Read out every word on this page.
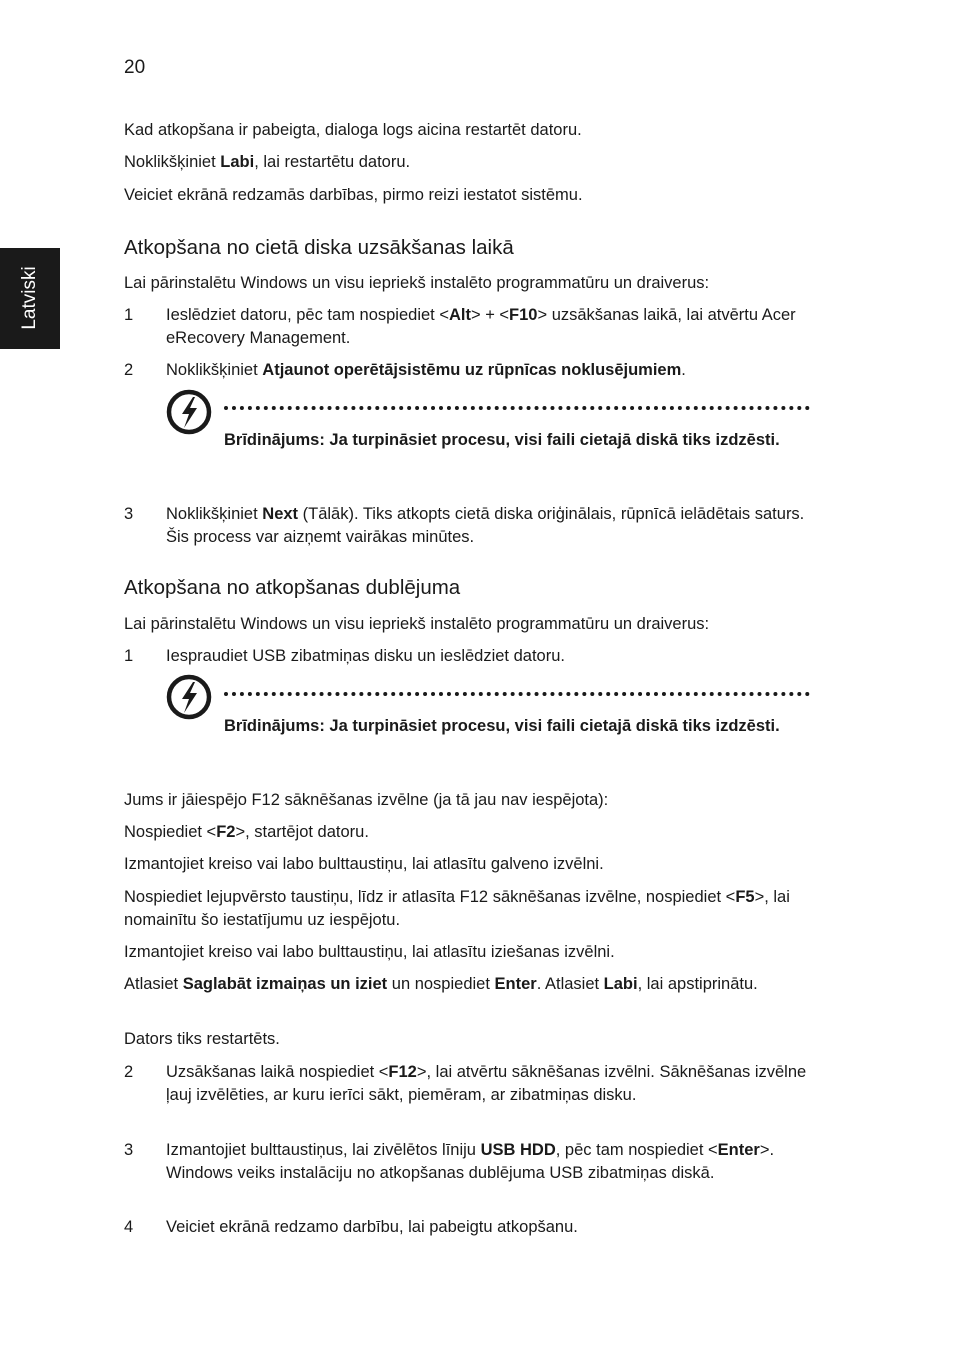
20
Latviski

Kad atkopšana ir pabeigta, dialoga logs aicina restartēt datoru.

Noklikšķiniet Labi, lai restartētu datoru.

Veiciet ekrānā redzamās darbības, pirmo reizi iestatot sistēmu.

Atkopšana no cietā diska uzsākšanas laikā

Lai pārinstalētu Windows un visu iepriekš instalēto programmatūru un draiverus:

1 Ieslēdziet datoru, pēc tam nospiediet <Alt> + <F10> uzsākšanas laikā, lai atvērtu Acer eRecovery Management.
2 Noklikšķiniet Atjaunot operētājsistēmu uz rūpnīcas noklusējumiem.
Brīdinājums: Ja turpināsiet procesu, visi faili cietajā diskā tiks izdzēsti.
3 Noklikšķiniet Next (Tālāk). Tiks atkopts cietā diska oriģinālais, rūpnīcā ielādētais saturs. Šis process var aizņemt vairākas minūtes.
Atkopšana no atkopšanas dublējuma

Lai pārinstalētu Windows un visu iepriekš instalēto programmatūru un draiverus:

1 Iespraudiet USB zibatmiņas disku un ieslēdziet datoru.
Brīdinājums: Ja turpināsiet procesu, visi faili cietajā diskā tiks izdzēsti.

Jums ir jāiespējo F12 sāknēšanas izvēlne (ja tā jau nav iespējota):

Nospiediet <F2>, startējot datoru.

Izmantojiet kreiso vai labo bulttaustiņu, lai atlasītu galveno izvēlni.

Nospiediet lejupvērsto taustiņu, līdz ir atlasīta F12 sāknēšanas izvēlne, nospiediet <F5>, lai nomainītu šo iestatījumu uz iespējotu.

Izmantojiet kreiso vai labo bulttaustiņu, lai atlasītu iziešanas izvēlni.

Atlasiet Saglabāt izmaiņas un iziet un nospiediet Enter. Atlasiet Labi, lai apstiprinātu.

Dators tiks restartēts.

2 Uzsākšanas laikā nospiediet <F12>, lai atvērtu sāknēšanas izvēlni. Sāknēšanas izvēlne ļauj izvēlēties, ar kuru ierīci sākt, piemēram, ar zibatmiņas disku.
3 Izmantojiet bulttaustiņus, lai zivēlētos līniju USB HDD, pēc tam nospiediet <Enter>. Windows veiks instalāciju no atkopšanas dublējuma USB zibatmiņas diskā.
4 Veiciet ekrānā redzamo darbību, lai pabeigtu atkopšanu.
